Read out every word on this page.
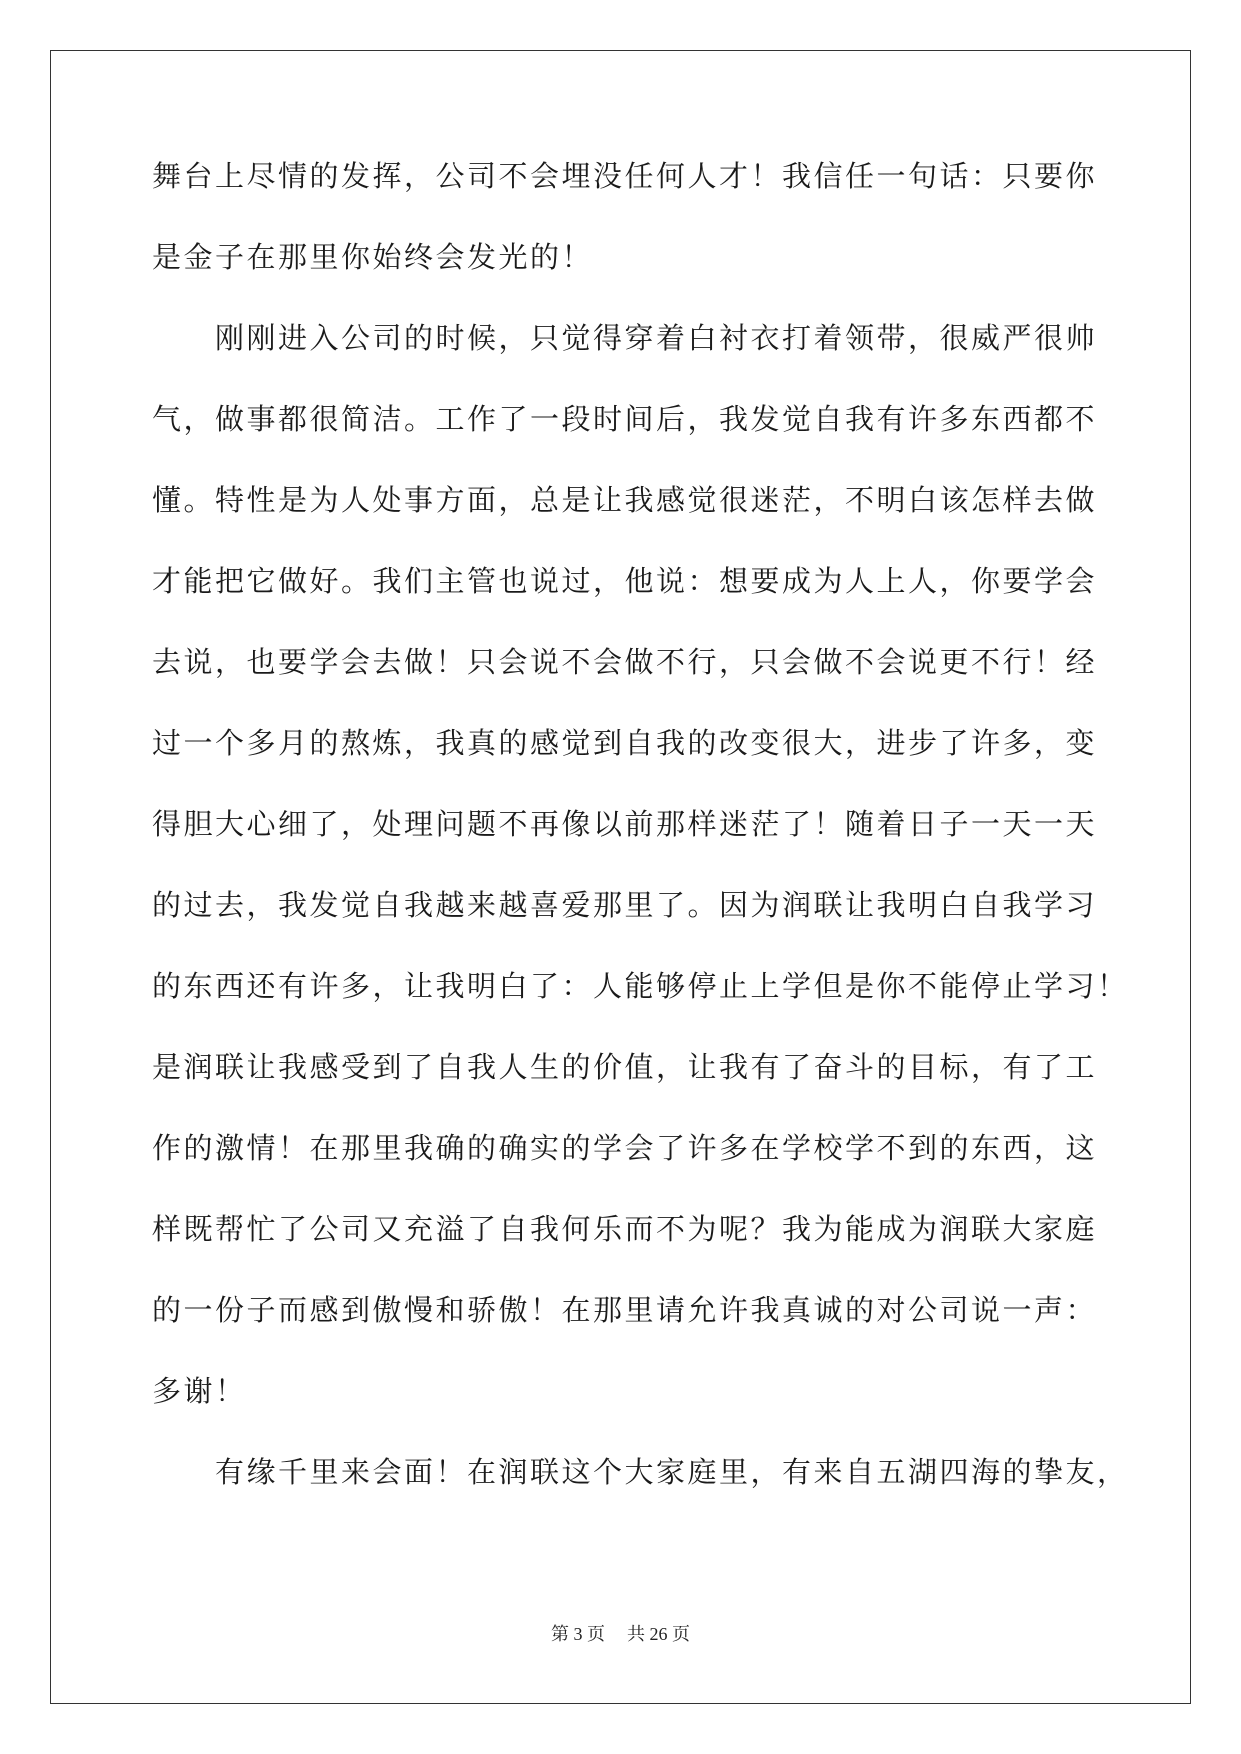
舞台上尽情的发挥，公司不会埋没任何人才！我信任一句话：只要你
是金子在那里你始终会发光的！
　　刚刚进入公司的时候，只觉得穿着白衬衣打着领带，很威严很帅
气，做事都很简洁。工作了一段时间后，我发觉自我有许多东西都不
懂。特性是为人处事方面，总是让我感觉很迷茫，不明白该怎样去做
才能把它做好。我们主管也说过，他说：想要成为人上人，你要学会
去说，也要学会去做！只会说不会做不行，只会做不会说更不行！经
过一个多月的熬炼，我真的感觉到自我的改变很大，进步了许多，变
得胆大心细了，处理问题不再像以前那样迷茫了！随着日子一天一天
的过去，我发觉自我越来越喜爱那里了。因为润联让我明白自我学习
的东西还有许多，让我明白了：人能够停止上学但是你不能停止学习！
是润联让我感受到了自我人生的价值，让我有了奋斗的目标，有了工
作的激情！在那里我确的确实的学会了许多在学校学不到的东西，这
样既帮忙了公司又充溢了自我何乐而不为呢？我为能成为润联大家庭
的一份子而感到傲慢和骄傲！在那里请允许我真诚的对公司说一声：
多谢！
　　有缘千里来会面！在润联这个大家庭里，有来自五湖四海的挚友，
第 3 页 共 26 页
